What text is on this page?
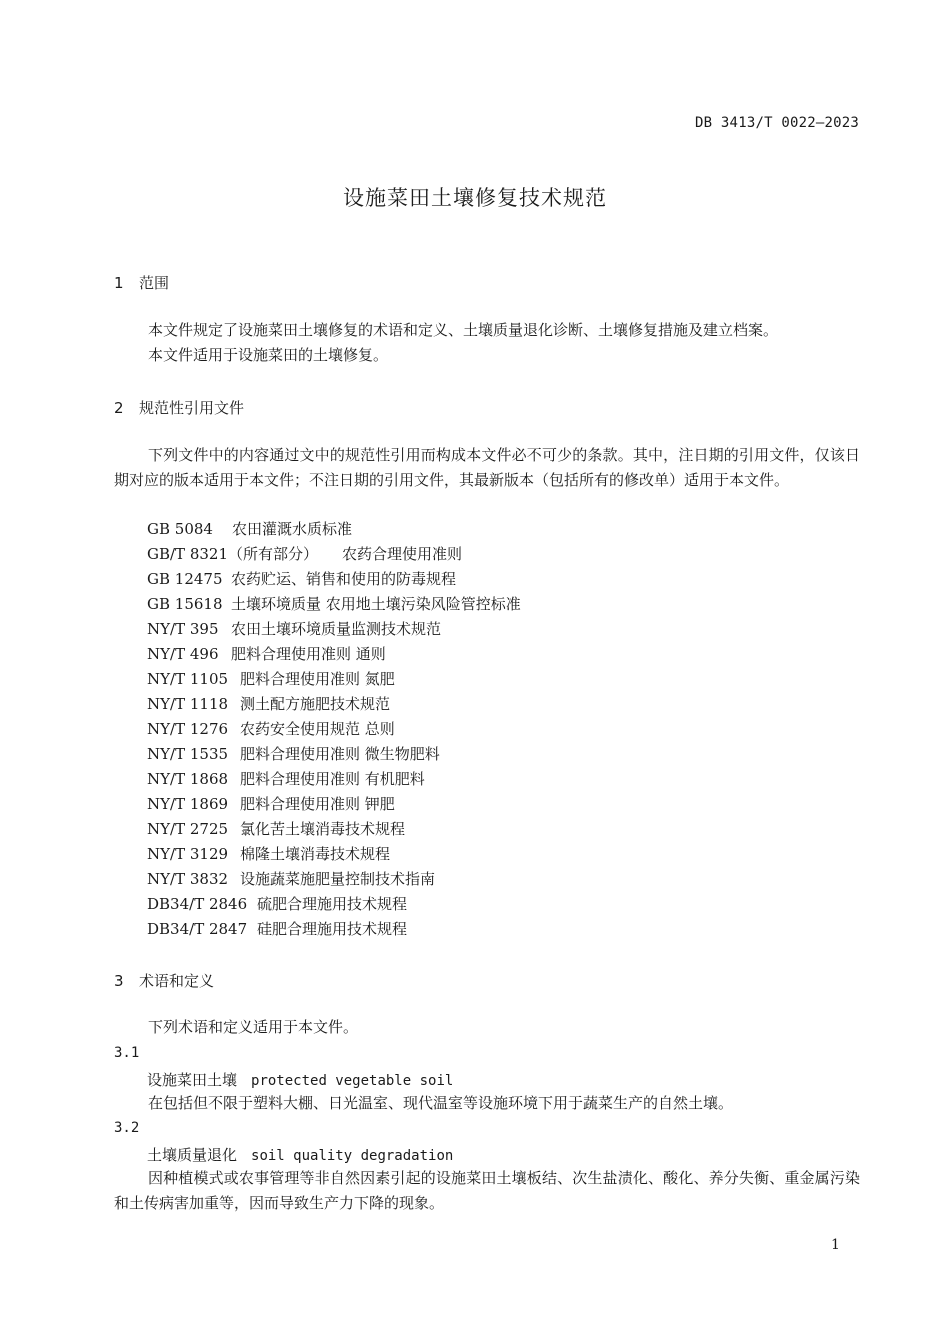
DB 3413/T 0022—2023
设施菜田土壤修复技术规范
1 范围
本文件规定了设施菜田土壤修复的术语和定义、土壤质量退化诊断、土壤修复措施及建立档案。
本文件适用于设施菜田的土壤修复。
2 规范性引用文件
下列文件中的内容通过文中的规范性引用而构成本文件必不可少的条款。其中，注日期的引用文件，仅该日期对应的版本适用于本文件；不注日期的引用文件，其最新版本（包括所有的修改单）适用于本文件。
GB 5084 农田灌溉水质标准
GB/T 8321（所有部分） 农药合理使用准则
GB 12475 农药贮运、销售和使用的防毒规程
GB 15618 土壤环境质量 农用地土壤污染风险管控标准
NY/T 395 农田土壤环境质量监测技术规范
NY/T 496 肥料合理使用准则 通则
NY/T 1105 肥料合理使用准则 氮肥
NY/T 1118 测土配方施肥技术规范
NY/T 1276 农药安全使用规范 总则
NY/T 1535 肥料合理使用准则 微生物肥料
NY/T 1868 肥料合理使用准则 有机肥料
NY/T 1869 肥料合理使用准则 钾肥
NY/T 2725 氯化苦土壤消毒技术规程
NY/T 3129 棉隆土壤消毒技术规程
NY/T 3832 设施蔬菜施肥量控制技术指南
DB34/T 2846 硫肥合理施用技术规程
DB34/T 2847 硅肥合理施用技术规程
3 术语和定义
下列术语和定义适用于本文件。
3.1
设施菜田土壤 protected vegetable soil
在包括但不限于塑料大棚、日光温室、现代温室等设施环境下用于蔬菜生产的自然土壤。
3.2
土壤质量退化 soil quality degradation
因种植模式或农事管理等非自然因素引起的设施菜田土壤板结、次生盐渍化、酸化、养分失衡、重金属污染和土传病害加重等，因而导致生产力下降的现象。
1
